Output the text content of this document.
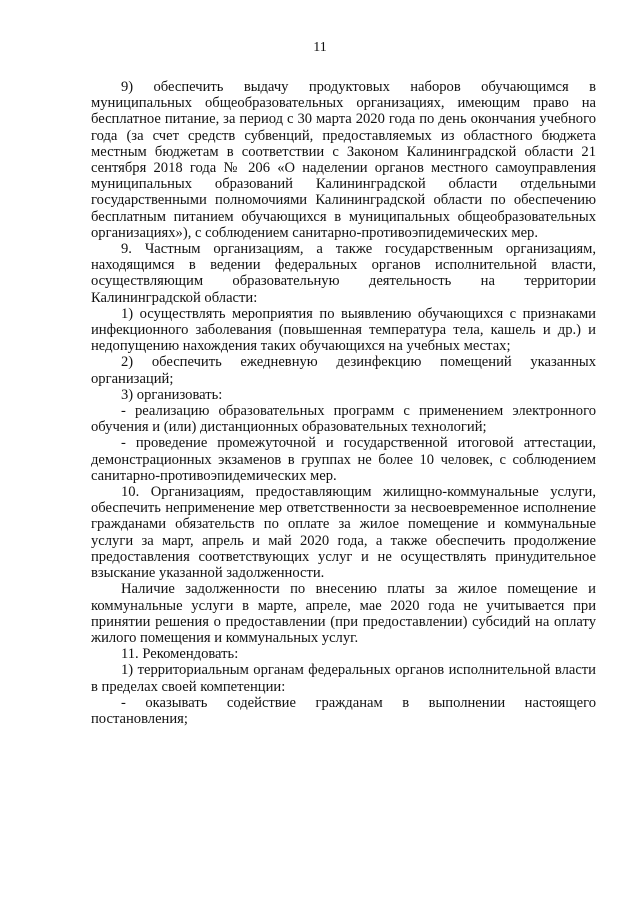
11

9) обеспечить выдачу продуктовых наборов обучающимся в муниципальных общеобразовательных организациях, имеющим право на бесплатное питание, за период с 30 марта 2020 года по день окончания учебного года (за счет средств субвенций, предоставляемых из областного бюджета местным бюджетам в соответствии с Законом Калининградской области 21 сентября 2018 года № 206 «О наделении органов местного самоуправления муниципальных образований Калининградской области отдельными государственными полномочиями Калининградской области по обеспечению бесплатным питанием обучающихся в муниципальных общеобразовательных организациях»), с соблюдением санитарно-противоэпидемических мер.

9. Частным организациям, а также государственным организациям, находящимся в ведении федеральных органов исполнительной власти, осуществляющим образовательную деятельность на территории Калининградской области:

1) осуществлять мероприятия по выявлению обучающихся с признаками инфекционного заболевания (повышенная температура тела, кашель и др.) и недопущению нахождения таких обучающихся на учебных местах;

2) обеспечить ежедневную дезинфекцию помещений указанных организаций;

3) организовать:

- реализацию образовательных программ с применением электронного обучения и (или) дистанционных образовательных технологий;

- проведение промежуточной и государственной итоговой аттестации, демонстрационных экзаменов в группах не более 10 человек, с соблюдением санитарно-противоэпидемических мер.

10. Организациям, предоставляющим жилищно-коммунальные услуги, обеспечить неприменение мер ответственности за несвоевременное исполнение гражданами обязательств по оплате за жилое помещение и коммунальные услуги за март, апрель и май 2020 года, а также обеспечить продолжение предоставления соответствующих услуг и не осуществлять принудительное взыскание указанной задолженности.

Наличие задолженности по внесению платы за жилое помещение и коммунальные услуги в марте, апреле, мае 2020 года не учитывается при принятии решения о предоставлении (при предоставлении) субсидий на оплату жилого помещения и коммунальных услуг.

11. Рекомендовать:

1) территориальным органам федеральных органов исполнительной власти в пределах своей компетенции:

- оказывать содействие гражданам в выполнении настоящего постановления;
